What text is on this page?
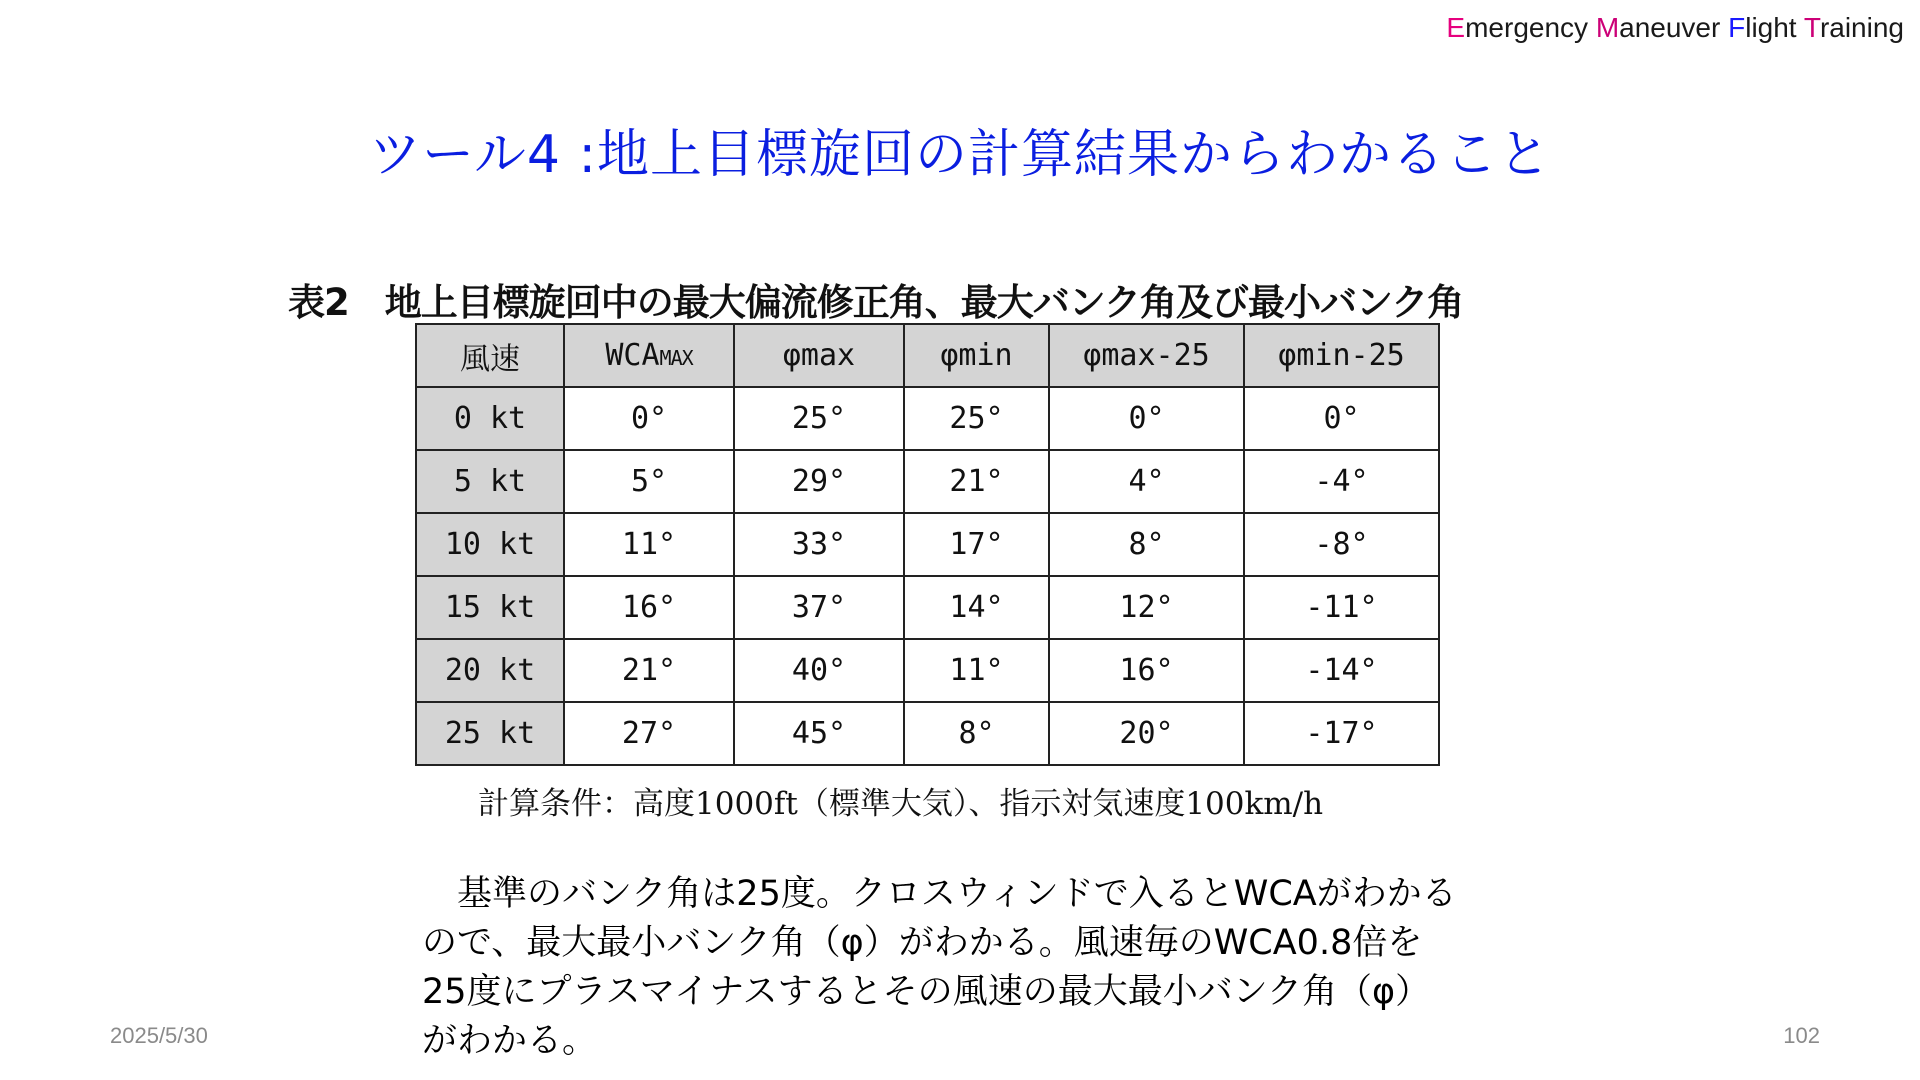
Emergency Maneuver Flight Training
ツール4 :地上目標旋回の計算結果からわかること
表2　地上目標旋回中の最大偏流修正角、最大バンク角及び最小バンク角
風速	WCAMAX	φmax	φmin	φmax-25	φmin-25
0 kt	0°	25°	25°	0°	0°
5 kt	5°	29°	21°	4°	-4°
10 kt	11°	33°	17°	8°	-8°
15 kt	16°	37°	14°	12°	-11°
20 kt	21°	40°	11°	16°	-14°
25 kt	27°	45°	8°	20°	-17°
計算条件：高度1000ft（標準大気）、指示対気速度100km/h

　基準のバンク角は25度。クロスウィンドで入るとWCAがわかる

ので、最大最小バンク角（φ）がわかる。風速毎のWCA0.8倍を

25度にプラスマイナスするとその風速の最大最小バンク角（φ）

がわかる。

2025/5/30	102
